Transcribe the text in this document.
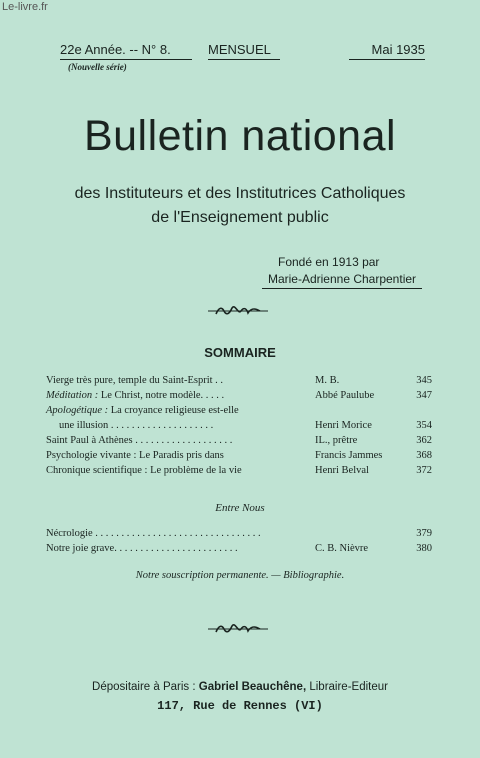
Le-livre.fr
22e Année. -- N° 8.	MENSUEL	Mai 1935
(Nouvelle série)
Bulletin national
des Instituteurs et des Institutrices Catholiques
de l'Enseignement public
Fondé en 1913 par
Marie-Adrienne Charpentier
SOMMAIRE
Vierge très pure, temple du Saint-Esprit . .	M. B.	345
Méditation : Le Christ, notre modèle. . . . .	Abbé Paulube	347
Apologétique : La croyance religieuse est-elle
une illusion . . . . . . . . . . . . . . . . . . . .	Henri Morice	354
Saint Paul à Athènes . . . . . . . . . . . . . . . . . . .	IL., prêtre	362
Psychologie vivante : Le Paradis pris dans	Francis Jammes	368
Chronique scientifique : Le problème de la vie	Henri Belval	372
Entre Nous
Nécrologie . . . . . . . . . . . . . . . . . . . . . . . . . . . . . . . .	379
Notre joie grave. . . . . . . . . . . . . . . . . . . . . . . .	C. B. Nièvre	380
Notre souscription permanente. — Bibliographie.
Dépositaire à Paris : Gabriel Beauchêne, Libraire-Editeur
117, Rue de Rennes (VI)
